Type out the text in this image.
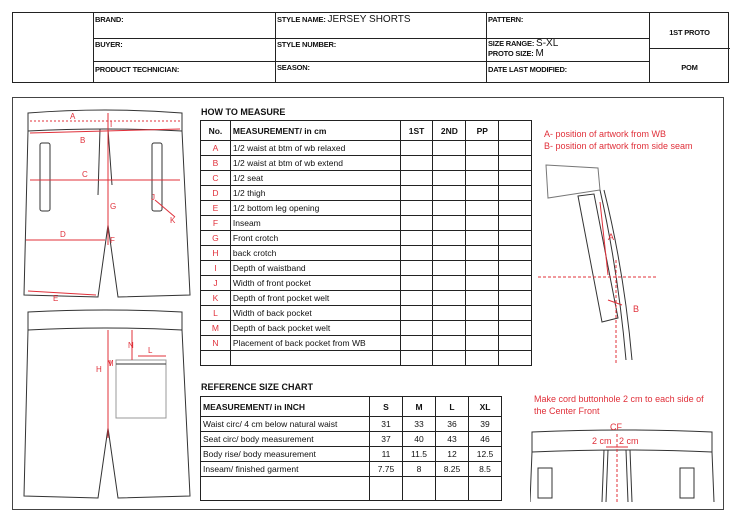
BRAND:
BUYER:
PRODUCT TECHNICIAN:
STYLE NAME: JERSEY SHORTS
STYLE NUMBER:
SEASON:
PATTERN:
SIZE RANGE: S-XL
PROTO SIZE: M
DATE LAST MODIFIED:
1ST PROTO
POM
A
B
C
D
E
F
G
I
J
K
H
M
N
L
HOW TO MEASURE
No.	MEASUREMENT/ in cm	1ST	2ND	PP	
A	1/2 waist at btm of wb relaxed				
B	1/2 waist at btm of wb extend				
C	1/2 seat				
D	1/2 thigh				
E	1/2 bottom leg opening				
F	Inseam				
G	Front crotch				
H	back crotch				
I	Depth of waistband				
J	Width of front pocket				
K	Depth of front pocket welt				
L	Width of back pocket				
M	Depth of back pocket welt				
N	Placement of back pocket from WB				

REFERENCE SIZE CHART
MEASUREMENT/ in INCH	S	M	L	XL
Waist circ/ 4 cm below natural waist	31	33	36	39
Seat circ/ body measurement	37	40	43	46
Body rise/ body measurement	11	11.5	12	12.5
Inseam/ finished garment	7.75	8	8.25	8.5

A- position of artwork from WB
B- position of artwork from side seam
Make cord buttonhole 2 cm to each side of the Center Front
A
B
CF
2 cm 2 cm
